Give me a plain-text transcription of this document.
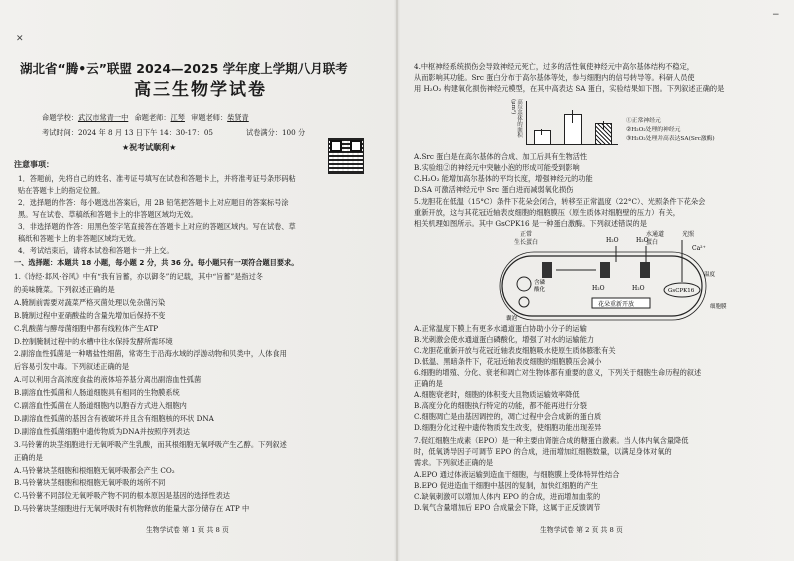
湖北省“腾•云”联盟 2024—2025 学年度上学期八月联考
高三生物学试卷
命题学校：武汉市常青一中 命题老师：江琴 审题老师：柴贤青
考试时间：2024 年 8 月 13 日下午 14：30-17：05	试卷满分：100 分
★祝考试顺利★
注意事项：
1．答题前，先将自己的姓名、准考证号填写在试卷和答题卡上，并将准考证号条形码粘
贴在答题卡上的指定位置。
2．选择题的作答：每小题选出答案后，用 2B 铅笔把答题卡上对应题目的答案标号涂
黑。写在试卷、草稿纸和答题卡上的非答题区域均无效。
3．非选择题的作答：用黑色签字笔直接答在答题卡上对应的答题区域内。写在试卷、草
稿纸和答题卡上的非答题区域均无效。
4．考试结束后，请将本试卷和答题卡一并上交。
一、选择题：本题共 18 小题，每小题 2 分，共 36 分。每小题只有一项符合题目要求。
1.《诗经·邶风·谷风》中有“我有旨蓄，亦以御冬”的记载，其中“旨蓄”是指过冬
的美味腌菜。下列叙述正确的是
A.腌制前需要对蔬菜严格灭菌处理以免杂菌污染
B.腌制过程中亚硝酸盐的含量先增加后保持不变
C.乳酸菌与酵母菌细胞中都有线粒体产生ATP
D.控制腌制过程中的水槽中往水保持发酵所需环境
2.副溶血性弧菌是一种嗜盐性细菌，常寄生于沿海水域的浮游动物和贝类中，人体食用
后容易引发中毒。下列叙述正确的是
A.可以利用含高浓度食盐的液体培养基分离出副溶血性弧菌
B.副溶血性弧菌和人肠道细胞具有相同的生物膜系统
C.副溶血性弧菌在人肠道细胞内以胞吞方式进入细胞内
D.副溶血性弧菌的基因含有被破坏并且含有细胞核的环状 DNA
D.副溶血性弧菌细胞中遗传物质为DNA并按照序列表达
3.马铃薯的块茎细胞进行无氧呼吸产生乳酸，而其根细胞无氧呼吸产生乙醇。下列叙述
正确的是
A.马铃薯块茎细胞和根细胞无氧呼吸都会产生 CO₂
B.马铃薯块茎细胞和根细胞无氧呼吸的场所不同
C.马铃薯不同部位无氧呼吸产物不同的根本原因是基因的选择性表达
D.马铃薯块茎细胞进行无氧呼吸时有机物释放的能量大部分储存在 ATP 中
生物学试卷 第 1 页 共 8 页
4.中枢神经系统损伤会导致神经元死亡，过多的活性氧使神经元中高尔基体结构不稳定，
从而影响其功能。Src 蛋白分布于高尔基体等处，参与细胞内的信号转导等。科研人员使
用 H₂O₂ 构建氧化损伤神经元模型，在其中高表达 SA 蛋白，实验结果如下图。下列叙述正确的是
高尔基体的面积(μm²)
①正常神经元
②H₂O₂处理的神经元
③H₂O₂处理并高表达SA(Src激酶)
A.Src 蛋白是在高尔基体的合成、加工后具有生物活性
B.实验组②的神经元中突触小泡的形成可能受到影响
C.H₂O₂ 能增加高尔基体的平均长度，增强神经元的功能
D.SA 可激活神经元中 Src 蛋白进而减弱氧化损伤
5.龙胆花在低温（15°C）条件下花朵会闭合，转移至正常温度（22°C）、光照条件下花朵会
重新开放，这与其花冠近轴表皮细胞的细胞膜压（原生质体对细胞壁的压力）有关，
相关机理如图所示。其中 GsCPK16 是一种蛋白激酶。下列叙述错误的是
正常
生长蛋白
含磷
酸化
水通道
蛋白
光照
温度
H₂O	H₂O
H₂O	H₂O	GsCPK16
Ca²⁺
囊泡
细胞膜
花朵重新开放
A.正常温度下膜上有更多水通道蛋白协助小分子的运输
B.光刺激会使水通道蛋白磷酸化，增强了对水的运输能力
C.龙胆花重新开放与花冠近轴表皮细胞吸水使原生质体膨胀有关
D.低温、黑暗条件下，花冠近轴表皮细胞的细胞膜压会减小
6.细胞的增殖、分化、衰老和凋亡对生物体都有重要的意义，下列关于细胞生命历程的叙述
正确的是
A.细胞衰老时，细胞的体积变大且物质运输效率降低
B.高度分化的细胞执行特定的功能，都不能再进行分裂
C.细胞凋亡是由基因调控的，凋亡过程中会合成新的蛋白质
D.细胞分化过程中遗传物质发生改变，使细胞功能出现差异
7.促红细胞生成素（EPO）是一种主要由肾脏合成的糖蛋白激素。当人体内氧含量降低
时，低氧诱导因子可调节 EPO 的合成，进而增加红细胞数量，以满足身体对氧的
需求。下列叙述正确的是
A.EPO 通过体液运输到造血干细胞，与细胞膜上受体特异性结合
B.EPO 促进造血干细胞中基因的复制，加快红细胞的产生
C.缺氧刺激可以增加人体内 EPO 的合成，进而增加血浆的
D.氧气含量增加后 EPO 合成量会下降，这属于正反馈调节
生物学试卷 第 2 页 共 8 页
✕
−
